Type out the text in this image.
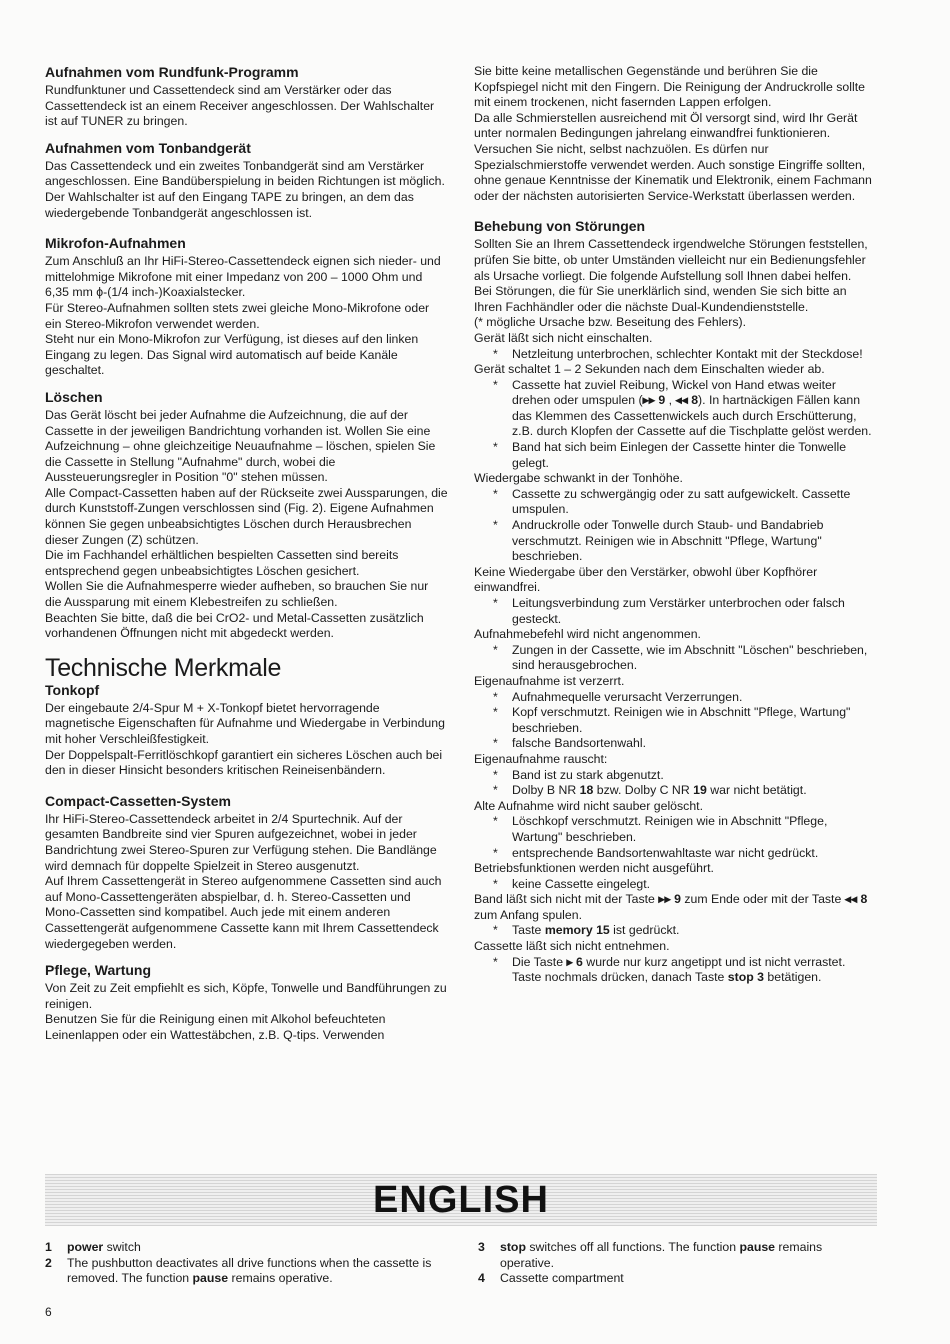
Aufnahmen vom Rundfunk-Programm

Rundfunktuner und Cassettendeck sind am Verstärker oder das Cassettendeck ist an einem Receiver angeschlossen. Der Wahlschalter ist auf TUNER zu bringen.

Aufnahmen vom Tonbandgerät

Das Cassettendeck und ein zweites Tonbandgerät sind am Verstärker angeschlossen. Eine Bandüberspielung in beiden Richtungen ist möglich.

Der Wahlschalter ist auf den Eingang TAPE zu bringen, an dem das wiedergebende Tonbandgerät angeschlossen ist.

Mikrofon-Aufnahmen

Zum Anschluß an Ihr HiFi-Stereo-Cassettendeck eignen sich nieder- und mittelohmige Mikrofone mit einer Impedanz von 200 – 1000 Ohm und 6,35 mm ϕ-(1/4 inch-)Koaxialstecker.

Für Stereo-Aufnahmen sollten stets zwei gleiche Mono-Mikrofone oder ein Stereo-Mikrofon verwendet werden.

Steht nur ein Mono-Mikrofon zur Verfügung, ist dieses auf den linken Eingang zu legen. Das Signal wird automatisch auf beide Kanäle geschaltet.

Löschen

Das Gerät löscht bei jeder Aufnahme die Aufzeichnung, die auf der Cassette in der jeweiligen Bandrichtung vorhanden ist. Wollen Sie eine Aufzeichnung – ohne gleichzeitige Neuaufnahme – löschen, spielen Sie die Cassette in Stellung "Aufnahme" durch, wobei die Aussteuerungsregler in Position "0" stehen müssen.

Alle Compact-Cassetten haben auf der Rückseite zwei Aussparungen, die durch Kunststoff-Zungen verschlossen sind (Fig. 2). Eigene Aufnahmen können Sie gegen unbeabsichtigtes Löschen durch Herausbrechen dieser Zungen (Z) schützen.

Die im Fachhandel erhältlichen bespielten Cassetten sind bereits entsprechend gegen unbeabsichtigtes Löschen gesichert.

Wollen Sie die Aufnahmesperre wieder aufheben, so brauchen Sie nur die Aussparung mit einem Klebestreifen zu schließen.

Beachten Sie bitte, daß die bei CrO2- und Metal-Cassetten zusätzlich vorhandenen Öffnungen nicht mit abgedeckt werden.

Technische Merkmale
Tonkopf

Der eingebaute 2/4-Spur M + X-Tonkopf bietet hervorragende magnetische Eigenschaften für Aufnahme und Wiedergabe in Verbindung mit hoher Verschleißfestigkeit.

Der Doppelspalt-Ferritlöschkopf garantiert ein sicheres Löschen auch bei den in dieser Hinsicht besonders kritischen Reineisenbändern.

Compact-Cassetten-System

Ihr HiFi-Stereo-Cassettendeck arbeitet in 2/4 Spurtechnik. Auf der gesamten Bandbreite sind vier Spuren aufgezeichnet, wobei in jeder Bandrichtung zwei Stereo-Spuren zur Verfügung stehen. Die Bandlänge wird demnach für doppelte Spielzeit in Stereo ausgenutzt.

Auf Ihrem Cassettengerät in Stereo aufgenommene Cassetten sind auch auf Mono-Cassettengeräten abspielbar, d. h. Stereo-Cassetten und Mono-Cassetten sind kompatibel. Auch jede mit einem anderen Cassettengerät aufgenommene Cassette kann mit Ihrem Cassettendeck wiedergegeben werden.

Pflege, Wartung

Von Zeit zu Zeit empfiehlt es sich, Köpfe, Tonwelle und Bandführungen zu reinigen.

Benutzen Sie für die Reinigung einen mit Alkohol befeuchteten Leinenlappen oder ein Wattestäbchen, z.B. Q-tips. Verwenden

Sie bitte keine metallischen Gegenstände und berühren Sie die Kopfspiegel nicht mit den Fingern. Die Reinigung der Andruckrolle sollte mit einem trockenen, nicht fasernden Lappen erfolgen.

Da alle Schmierstellen ausreichend mit Öl versorgt sind, wird Ihr Gerät unter normalen Bedingungen jahrelang einwandfrei funktionieren. Versuchen Sie nicht, selbst nachzuölen. Es dürfen nur Spezialschmierstoffe verwendet werden. Auch sonstige Eingriffe sollten, ohne genaue Kenntnisse der Kinematik und Elektronik, einem Fachmann oder der nächsten autorisierten Service-Werkstatt überlassen werden.

Behebung von Störungen

Sollten Sie an Ihrem Cassettendeck irgendwelche Störungen feststellen, prüfen Sie bitte, ob unter Umständen vielleicht nur ein Bedienungsfehler als Ursache vorliegt. Die folgende Aufstellung soll Ihnen dabei helfen.

Bei Störungen, die für Sie unerklärlich sind, wenden Sie sich bitte an Ihren Fachhändler oder die nächste Dual-Kundendienststelle.

(* mögliche Ursache bzw. Beseitung des Fehlers).

Gerät läßt sich nicht einschalten.

* Netzleitung unterbrochen, schlechter Kontakt mit der Steckdose!

Gerät schaltet 1 – 2 Sekunden nach dem Einschalten wieder ab.

* Cassette hat zuviel Reibung, Wickel von Hand etwas weiter drehen oder umspulen (▸▸ 9 , ◂◂ 8). In hartnäckigen Fällen kann das Klemmen des Cassettenwickels auch durch Erschütterung, z.B. durch Klopfen der Cassette auf die Tischplatte gelöst werden.

* Band hat sich beim Einlegen der Cassette hinter die Tonwelle gelegt.

Wiedergabe schwankt in der Tonhöhe.

* Cassette zu schwergängig oder zu satt aufgewickelt. Cassette umspulen.

* Andruckrolle oder Tonwelle durch Staub- und Bandabrieb verschmutzt. Reinigen wie in Abschnitt "Pflege, Wartung" beschrieben.

Keine Wiedergabe über den Verstärker, obwohl über Kopfhörer einwandfrei.

* Leitungsverbindung zum Verstärker unterbrochen oder falsch gesteckt.

Aufnahmebefehl wird nicht angenommen.

* Zungen in der Cassette, wie im Abschnitt "Löschen" beschrieben, sind herausgebrochen.

Eigenaufnahme ist verzerrt.

* Aufnahmequelle verursacht Verzerrungen.

* Kopf verschmutzt. Reinigen wie in Abschnitt "Pflege, Wartung" beschrieben.

* falsche Bandsortenwahl.

Eigenaufnahme rauscht:

* Band ist zu stark abgenutzt.

* Dolby B NR 18 bzw. Dolby C NR 19 war nicht betätigt.

Alte Aufnahme wird nicht sauber gelöscht.

* Löschkopf verschmutzt. Reinigen wie in Abschnitt "Pflege, Wartung" beschrieben.

* entsprechende Bandsortenwahltaste war nicht gedrückt.

Betriebsfunktionen werden nicht ausgeführt.

* keine Cassette eingelegt.

Band läßt sich nicht mit der Taste ▸▸ 9 zum Ende oder mit der Taste ◂◂ 8 zum Anfang spulen.

* Taste memory 15 ist gedrückt.

Cassette läßt sich nicht entnehmen.

* Die Taste ▸ 6 wurde nur kurz angetippt und ist nicht verrastet. Taste nochmals drücken, danach Taste stop 3 betätigen.

ENGLISH
1	power switch
2	The pushbutton deactivates all drive functions when the cassette is removed. The function pause remains operative.
3	stop switches off all functions. The function pause remains operative.
4	Cassette compartment
6
